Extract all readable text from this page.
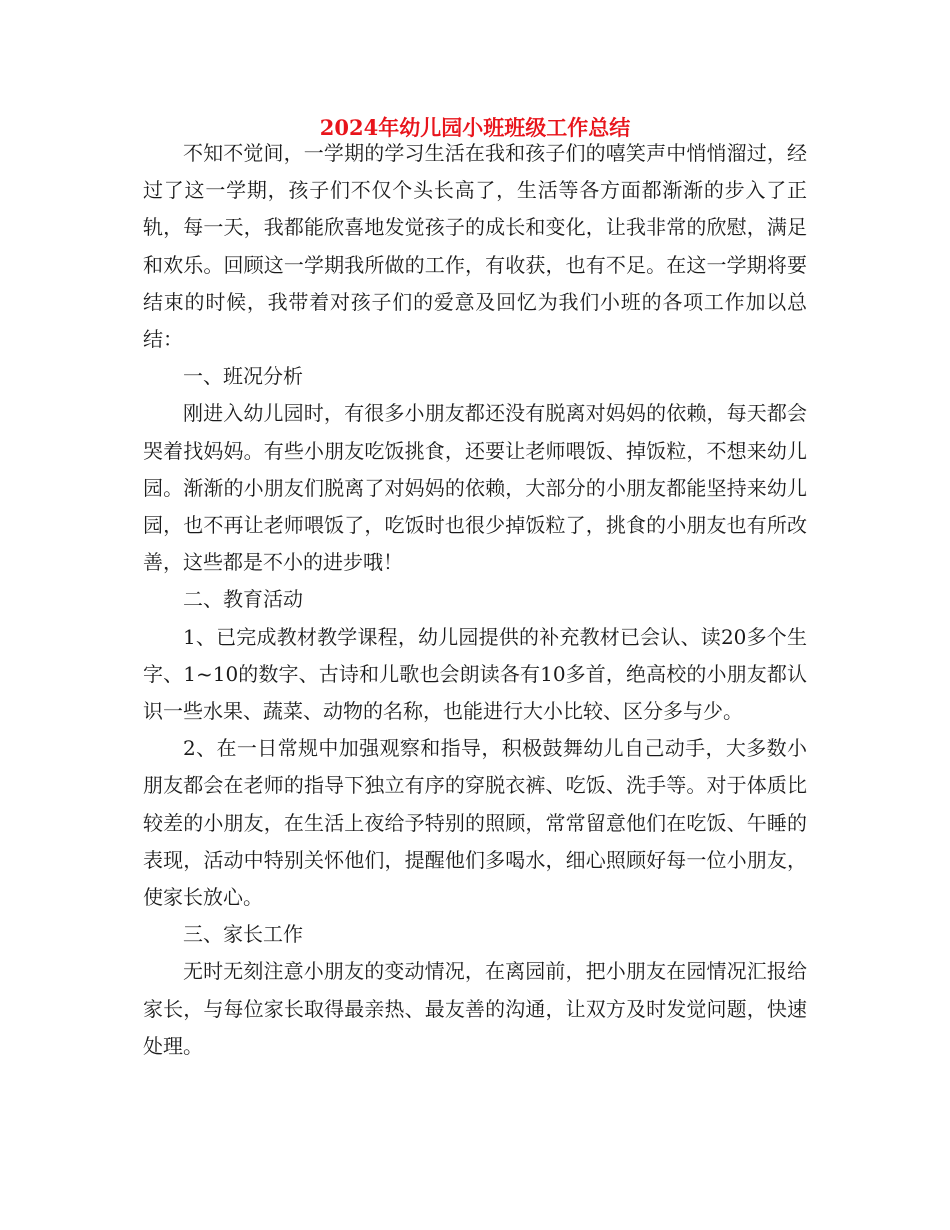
2024年幼儿园小班班级工作总结

不知不觉间，一学期的学习生活在我和孩子们的嘻笑声中悄悄溜过，经过了这一学期，孩子们不仅个头长高了，生活等各方面都渐渐的步入了正轨，每一天，我都能欣喜地发觉孩子的成长和变化，让我非常的欣慰，满足和欢乐。回顾这一学期我所做的工作，有收获，也有不足。在这一学期将要结束的时候，我带着对孩子们的爱意及回忆为我们小班的各项工作加以总结：

一、班况分析

刚进入幼儿园时，有很多小朋友都还没有脱离对妈妈的依赖，每天都会哭着找妈妈。有些小朋友吃饭挑食，还要让老师喂饭、掉饭粒，不想来幼儿园。渐渐的小朋友们脱离了对妈妈的依赖，大部分的小朋友都能坚持来幼儿园，也不再让老师喂饭了，吃饭时也很少掉饭粒了，挑食的小朋友也有所改善，这些都是不小的进步哦！

二、教育活动

1、已完成教材教学课程，幼儿园提供的补充教材已会认、读20多个生字、1~10的数字、古诗和儿歌也会朗读各有10多首，绝高校的小朋友都认识一些水果、蔬菜、动物的名称，也能进行大小比较、区分多与少。

2、在一日常规中加强观察和指导，积极鼓舞幼儿自己动手，大多数小朋友都会在老师的指导下独立有序的穿脱衣裤、吃饭、洗手等。对于体质比较差的小朋友，在生活上夜给予特别的照顾，常常留意他们在吃饭、午睡的表现，活动中特别关怀他们，提醒他们多喝水，细心照顾好每一位小朋友，使家长放心。

三、家长工作

无时无刻注意小朋友的变动情况，在离园前，把小朋友在园情况汇报给家长，与每位家长取得最亲热、最友善的沟通，让双方及时发觉问题，快速处理。
